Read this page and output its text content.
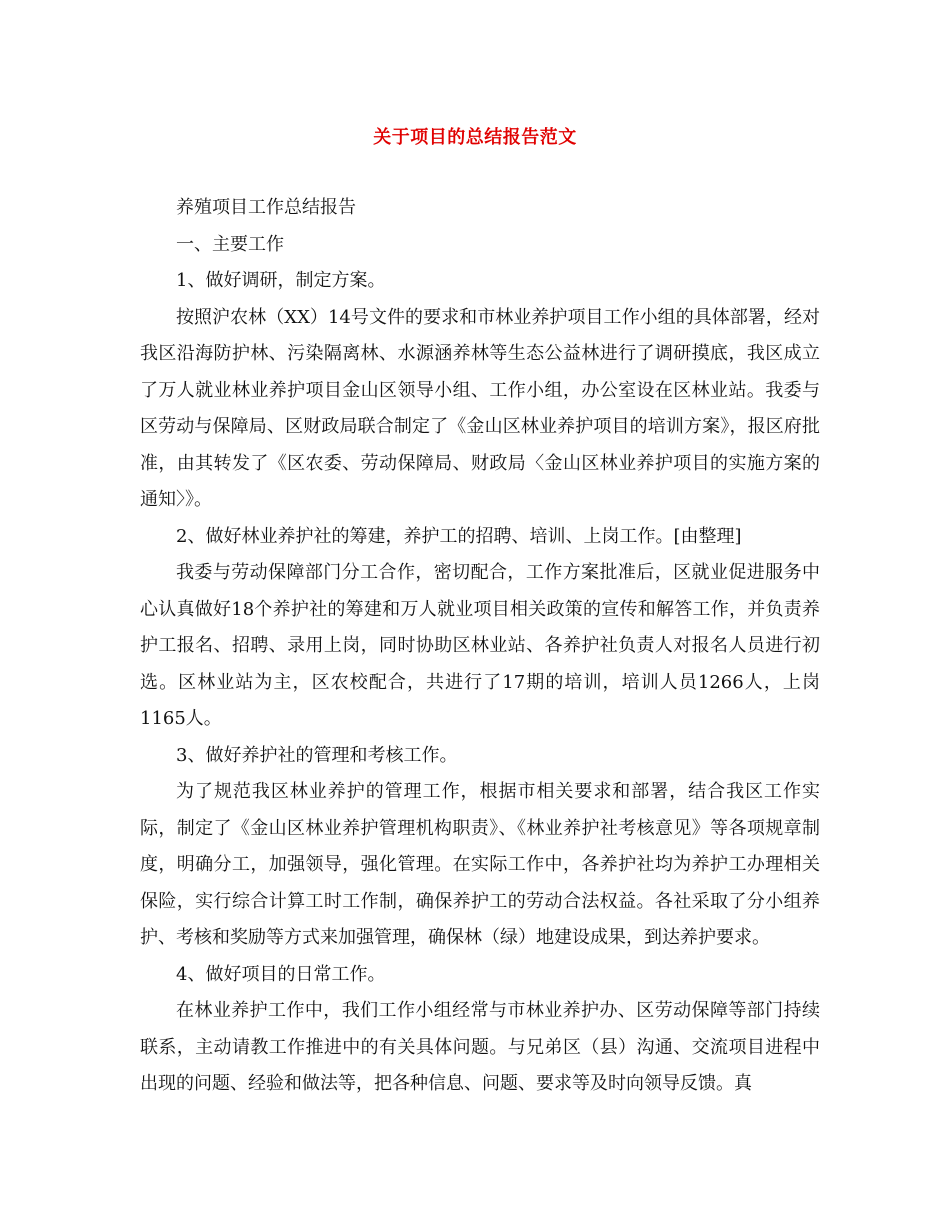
关于项目的总结报告范文

养殖项目工作总结报告

一、主要工作

1、做好调研，制定方案。

按照沪农林（XX）14号文件的要求和市林业养护项目工作小组的具体部署，经对我区沿海防护林、污染隔离林、水源涵养林等生态公益林进行了调研摸底，我区成立了万人就业林业养护项目金山区领导小组、工作小组，办公室设在区林业站。我委与区劳动与保障局、区财政局联合制定了《金山区林业养护项目的培训方案》，报区府批准，由其转发了《区农委、劳动保障局、财政局〈金山区林业养护项目的实施方案的通知〉》。

2、做好林业养护社的筹建，养护工的招聘、培训、上岗工作。[由整理]

我委与劳动保障部门分工合作，密切配合，工作方案批准后，区就业促进服务中心认真做好18个养护社的筹建和万人就业项目相关政策的宣传和解答工作，并负责养护工报名、招聘、录用上岗，同时协助区林业站、各养护社负责人对报名人员进行初选。区林业站为主，区农校配合，共进行了17期的培训，培训人员1266人，上岗1165人。

3、做好养护社的管理和考核工作。

为了规范我区林业养护的管理工作，根据市相关要求和部署，结合我区工作实际，制定了《金山区林业养护管理机构职责》、《林业养护社考核意见》等各项规章制度，明确分工，加强领导，强化管理。在实际工作中，各养护社均为养护工办理相关保险，实行综合计算工时工作制，确保养护工的劳动合法权益。各社采取了分小组养护、考核和奖励等方式来加强管理，确保林（绿）地建设成果，到达养护要求。

4、做好项目的日常工作。

在林业养护工作中，我们工作小组经常与市林业养护办、区劳动保障等部门持续联系，主动请教工作推进中的有关具体问题。与兄弟区（县）沟通、交流项目进程中出现的问题、经验和做法等，把各种信息、问题、要求等及时向领导反馈。真
